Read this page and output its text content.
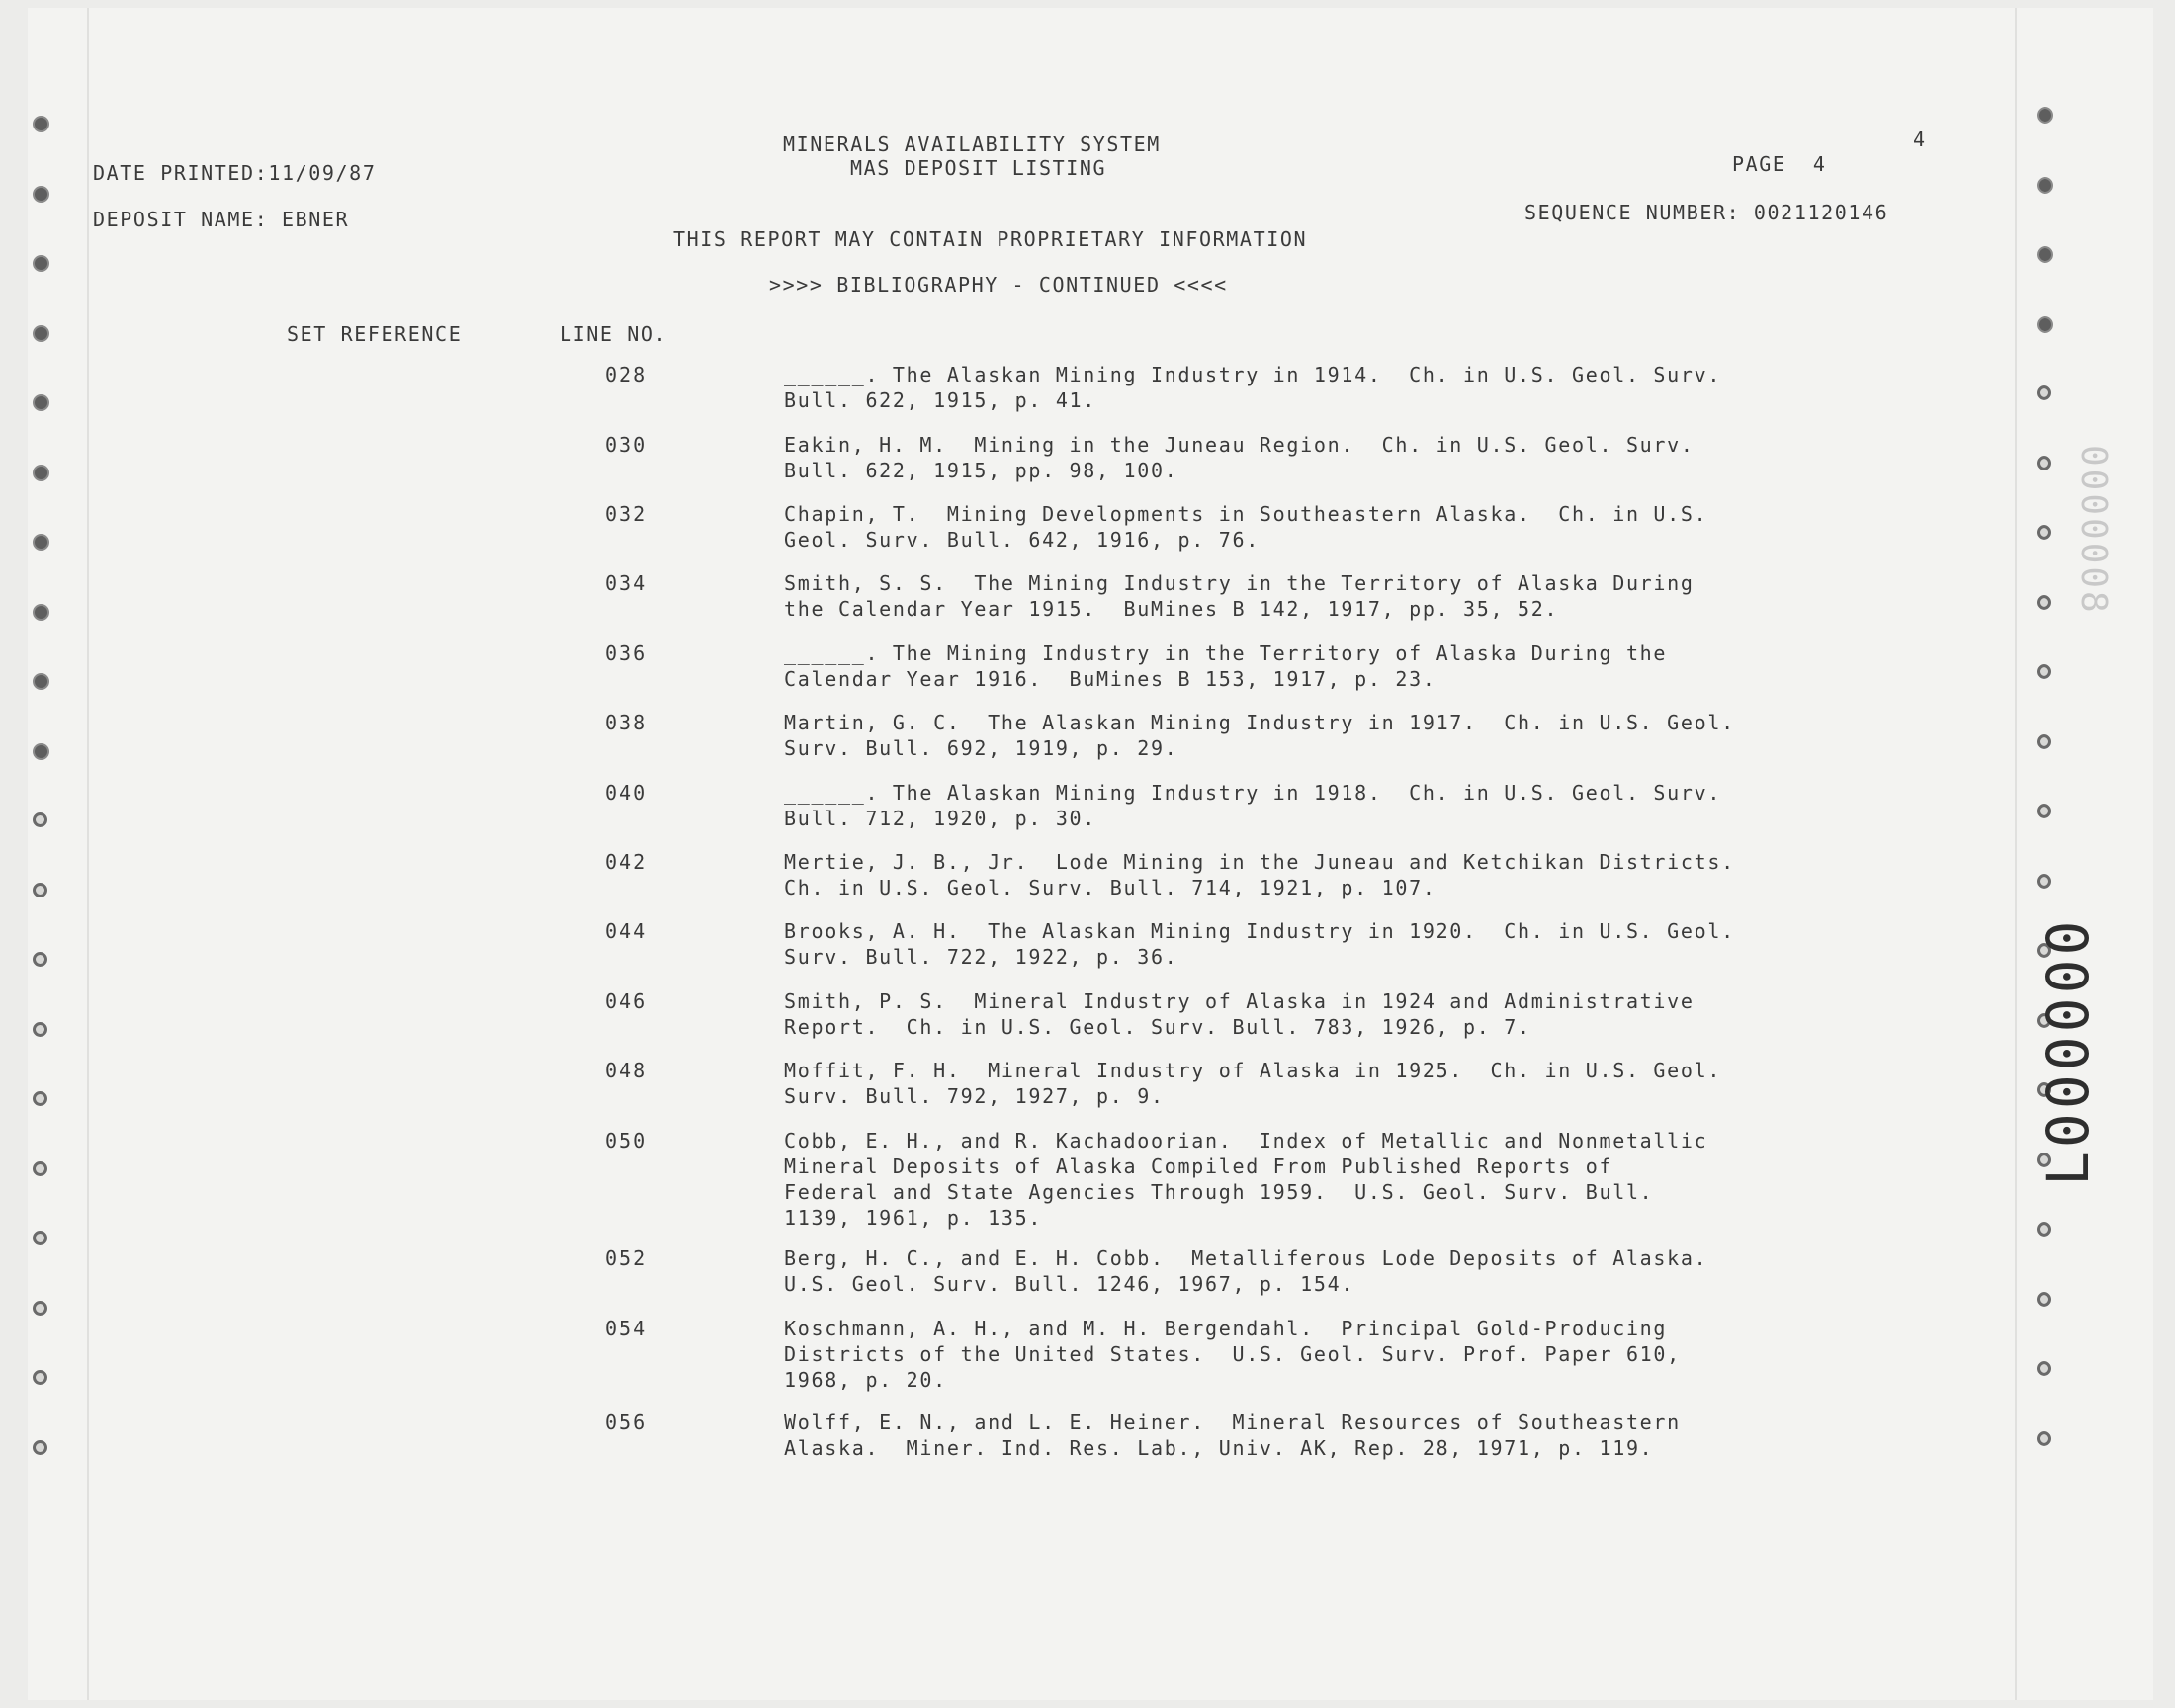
MINERALS AVAILABILITY SYSTEM
MAS DEPOSIT LISTING
DATE PRINTED:11/09/87	PAGE  4
4
DEPOSIT NAME: EBNER	SEQUENCE NUMBER: 0021120146
THIS REPORT MAY CONTAIN PROPRIETARY INFORMATION
>>>> BIBLIOGRAPHY - CONTINUED <<<<
SET REFERENCE	LINE NO.
028	______. The Alaskan Mining Industry in 1914.  Ch. in U.S. Geol. Surv.
Bull. 622, 1915, p. 41.
030	Eakin, H. M.  Mining in the Juneau Region.  Ch. in U.S. Geol. Surv.
Bull. 622, 1915, pp. 98, 100.
032	Chapin, T.  Mining Developments in Southeastern Alaska.  Ch. in U.S.
Geol. Surv. Bull. 642, 1916, p. 76.
034	Smith, S. S.  The Mining Industry in the Territory of Alaska During
the Calendar Year 1915.  BuMines B 142, 1917, pp. 35, 52.
036	______. The Mining Industry in the Territory of Alaska During the
Calendar Year 1916.  BuMines B 153, 1917, p. 23.
038	Martin, G. C.  The Alaskan Mining Industry in 1917.  Ch. in U.S. Geol.
Surv. Bull. 692, 1919, p. 29.
040	______. The Alaskan Mining Industry in 1918.  Ch. in U.S. Geol. Surv.
Bull. 712, 1920, p. 30.
042	Mertie, J. B., Jr.  Lode Mining in the Juneau and Ketchikan Districts.
Ch. in U.S. Geol. Surv. Bull. 714, 1921, p. 107.
044	Brooks, A. H.  The Alaskan Mining Industry in 1920.  Ch. in U.S. Geol.
Surv. Bull. 722, 1922, p. 36.
046	Smith, P. S.  Mineral Industry of Alaska in 1924 and Administrative
Report.  Ch. in U.S. Geol. Surv. Bull. 783, 1926, p. 7.
048	Moffit, F. H.  Mineral Industry of Alaska in 1925.  Ch. in U.S. Geol.
Surv. Bull. 792, 1927, p. 9.
050	Cobb, E. H., and R. Kachadoorian.  Index of Metallic and Nonmetallic
Mineral Deposits of Alaska Compiled From Published Reports of
Federal and State Agencies Through 1959.  U.S. Geol. Surv. Bull.
1139, 1961, p. 135.
052	Berg, H. C., and E. H. Cobb.  Metalliferous Lode Deposits of Alaska.
U.S. Geol. Surv. Bull. 1246, 1967, p. 154.
054	Koschmann, A. H., and M. H. Bergendahl.  Principal Gold-Producing
Districts of the United States.  U.S. Geol. Surv. Prof. Paper 610,
1968, p. 20.
056	Wolff, E. N., and L. E. Heiner.  Mineral Resources of Southeastern
Alaska.  Miner. Ind. Res. Lab., Univ. AK, Rep. 28, 1971, p. 119.
L000000
0000008
